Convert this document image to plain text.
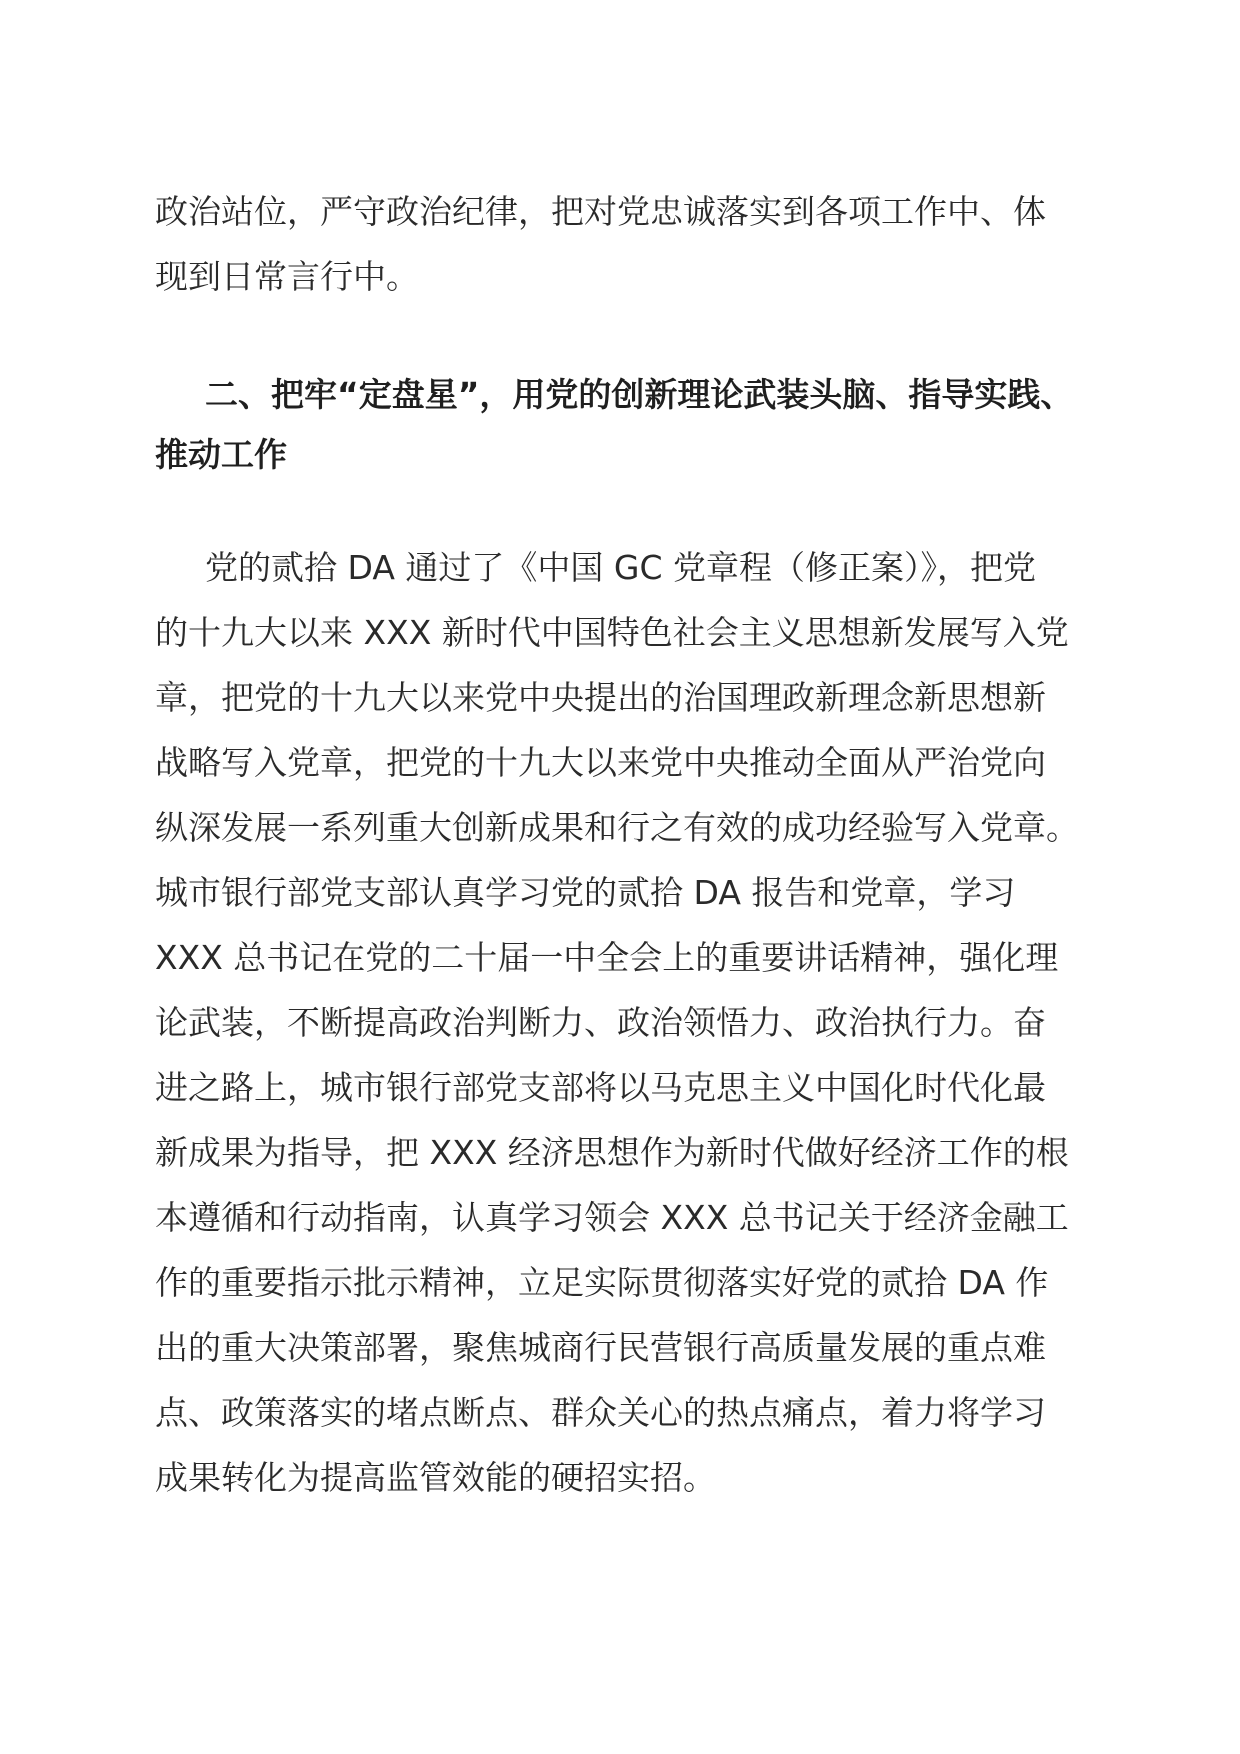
政治站位，严守政治纪律，把对党忠诚落实到各项工作中、体
现到日常言行中。
二、把牢“定盘星”，用党的创新理论武装头脑、指导实践、
推动工作
党的贰拾 DA 通过了《中国 GC 党章程（修正案）》，把党
的十九大以来 XXX 新时代中国特色社会主义思想新发展写入党
章，把党的十九大以来党中央提出的治国理政新理念新思想新
战略写入党章，把党的十九大以来党中央推动全面从严治党向
纵深发展一系列重大创新成果和行之有效的成功经验写入党章。
城市银行部党支部认真学习党的贰拾 DA 报告和党章，学习
XXX 总书记在党的二十届一中全会上的重要讲话精神，强化理
论武装，不断提高政治判断力、政治领悟力、政治执行力。奋
进之路上，城市银行部党支部将以马克思主义中国化时代化最
新成果为指导，把 XXX 经济思想作为新时代做好经济工作的根
本遵循和行动指南，认真学习领会 XXX 总书记关于经济金融工
作的重要指示批示精神，立足实际贯彻落实好党的贰拾 DA 作
出的重大决策部署，聚焦城商行民营银行高质量发展的重点难
点、政策落实的堵点断点、群众关心的热点痛点，着力将学习
成果转化为提高监管效能的硬招实招。
